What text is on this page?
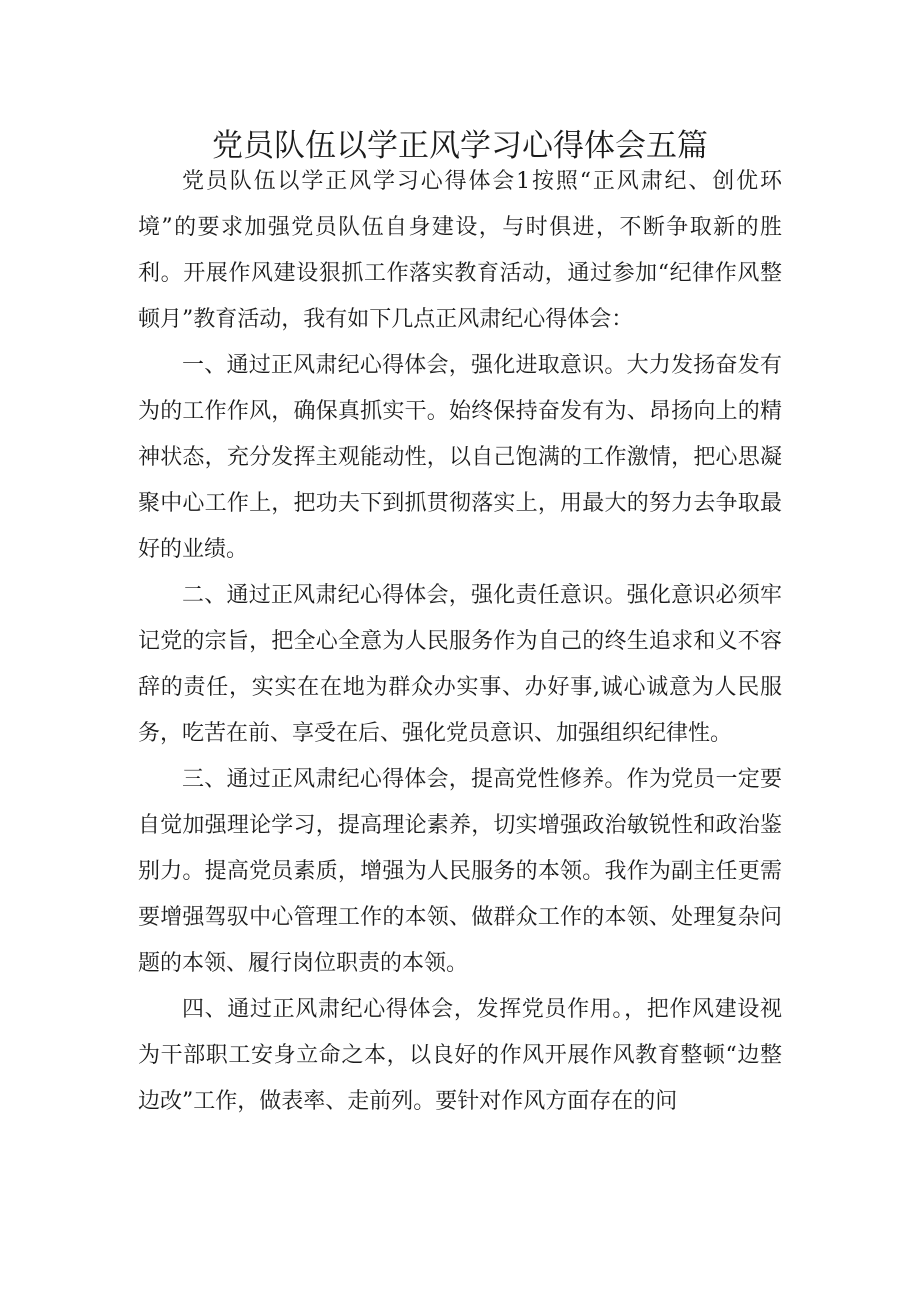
党员队伍以学正风学习心得体会五篇

党员队伍以学正风学习心得体会1按照“正风肃纪、创优环境”的要求加强党员队伍自身建设，与时俱进，不断争取新的胜利。开展作风建设狠抓工作落实教育活动，通过参加“纪律作风整顿月”教育活动，我有如下几点正风肃纪心得体会：

一、通过正风肃纪心得体会，强化进取意识。大力发扬奋发有为的工作作风，确保真抓实干。始终保持奋发有为、昂扬向上的精神状态，充分发挥主观能动性，以自己饱满的工作激情，把心思凝聚中心工作上，把功夫下到抓贯彻落实上，用最大的努力去争取最好的业绩。

二、通过正风肃纪心得体会，强化责任意识。强化意识必须牢记党的宗旨，把全心全意为人民服务作为自己的终生追求和义不容辞的责任，实实在在地为群众办实事、办好事,诚心诚意为人民服务，吃苦在前、享受在后、强化党员意识、加强组织纪律性。

三、通过正风肃纪心得体会，提高党性修养。作为党员一定要自觉加强理论学习，提高理论素养，切实增强政治敏锐性和政治鉴别力。提高党员素质，增强为人民服务的本领。我作为副主任更需要增强驾驭中心管理工作的本领、做群众工作的本领、处理复杂问题的本领、履行岗位职责的本领。

四、通过正风肃纪心得体会，发挥党员作用。，把作风建设视为干部职工安身立命之本，以良好的作风开展作风教育整顿“边整边改”工作，做表率、走前列。要针对作风方面存在的问
